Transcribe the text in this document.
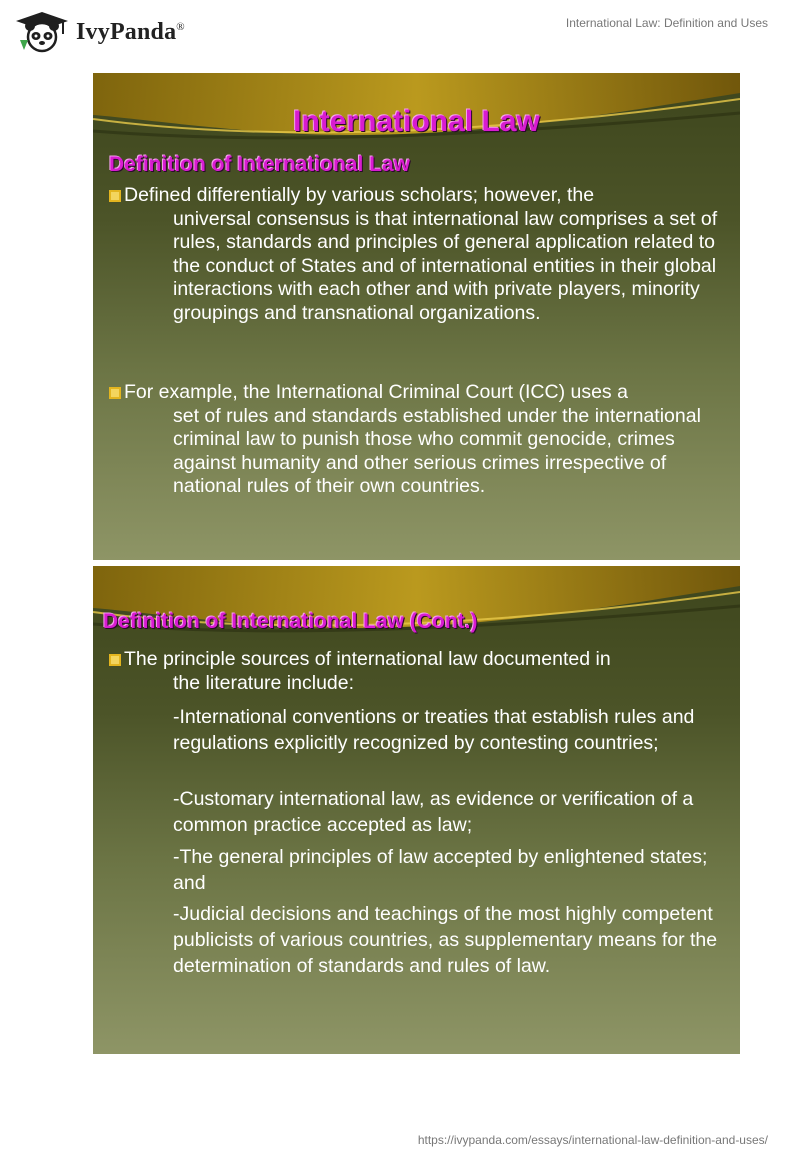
IvyPanda®	International Law: Definition and Uses
International Law
Definition of International Law
Defined differentially by various scholars; however, the
universal consensus is that international law comprises a set of rules, standards and principles of general application related to the conduct of States and of international entities in their global interactions with each other and with private players, minority groupings and transnational organizations.
For example, the International Criminal Court (ICC) uses a
set of rules and standards established under the international criminal law to punish those who commit genocide, crimes against humanity and other serious crimes irrespective of national rules of their own countries.
Definition of International Law (Cont.)
The principle sources of international law documented in
the literature include:
-International conventions or treaties that establish rules and regulations explicitly recognized by contesting countries;
-Customary international law, as evidence or verification of a common practice accepted as law;
-The general principles of law accepted by enlightened states; and
-Judicial decisions and teachings of the most highly competent publicists of various countries, as supplementary means for the determination of standards and rules of law.
https://ivypanda.com/essays/international-law-definition-and-uses/
